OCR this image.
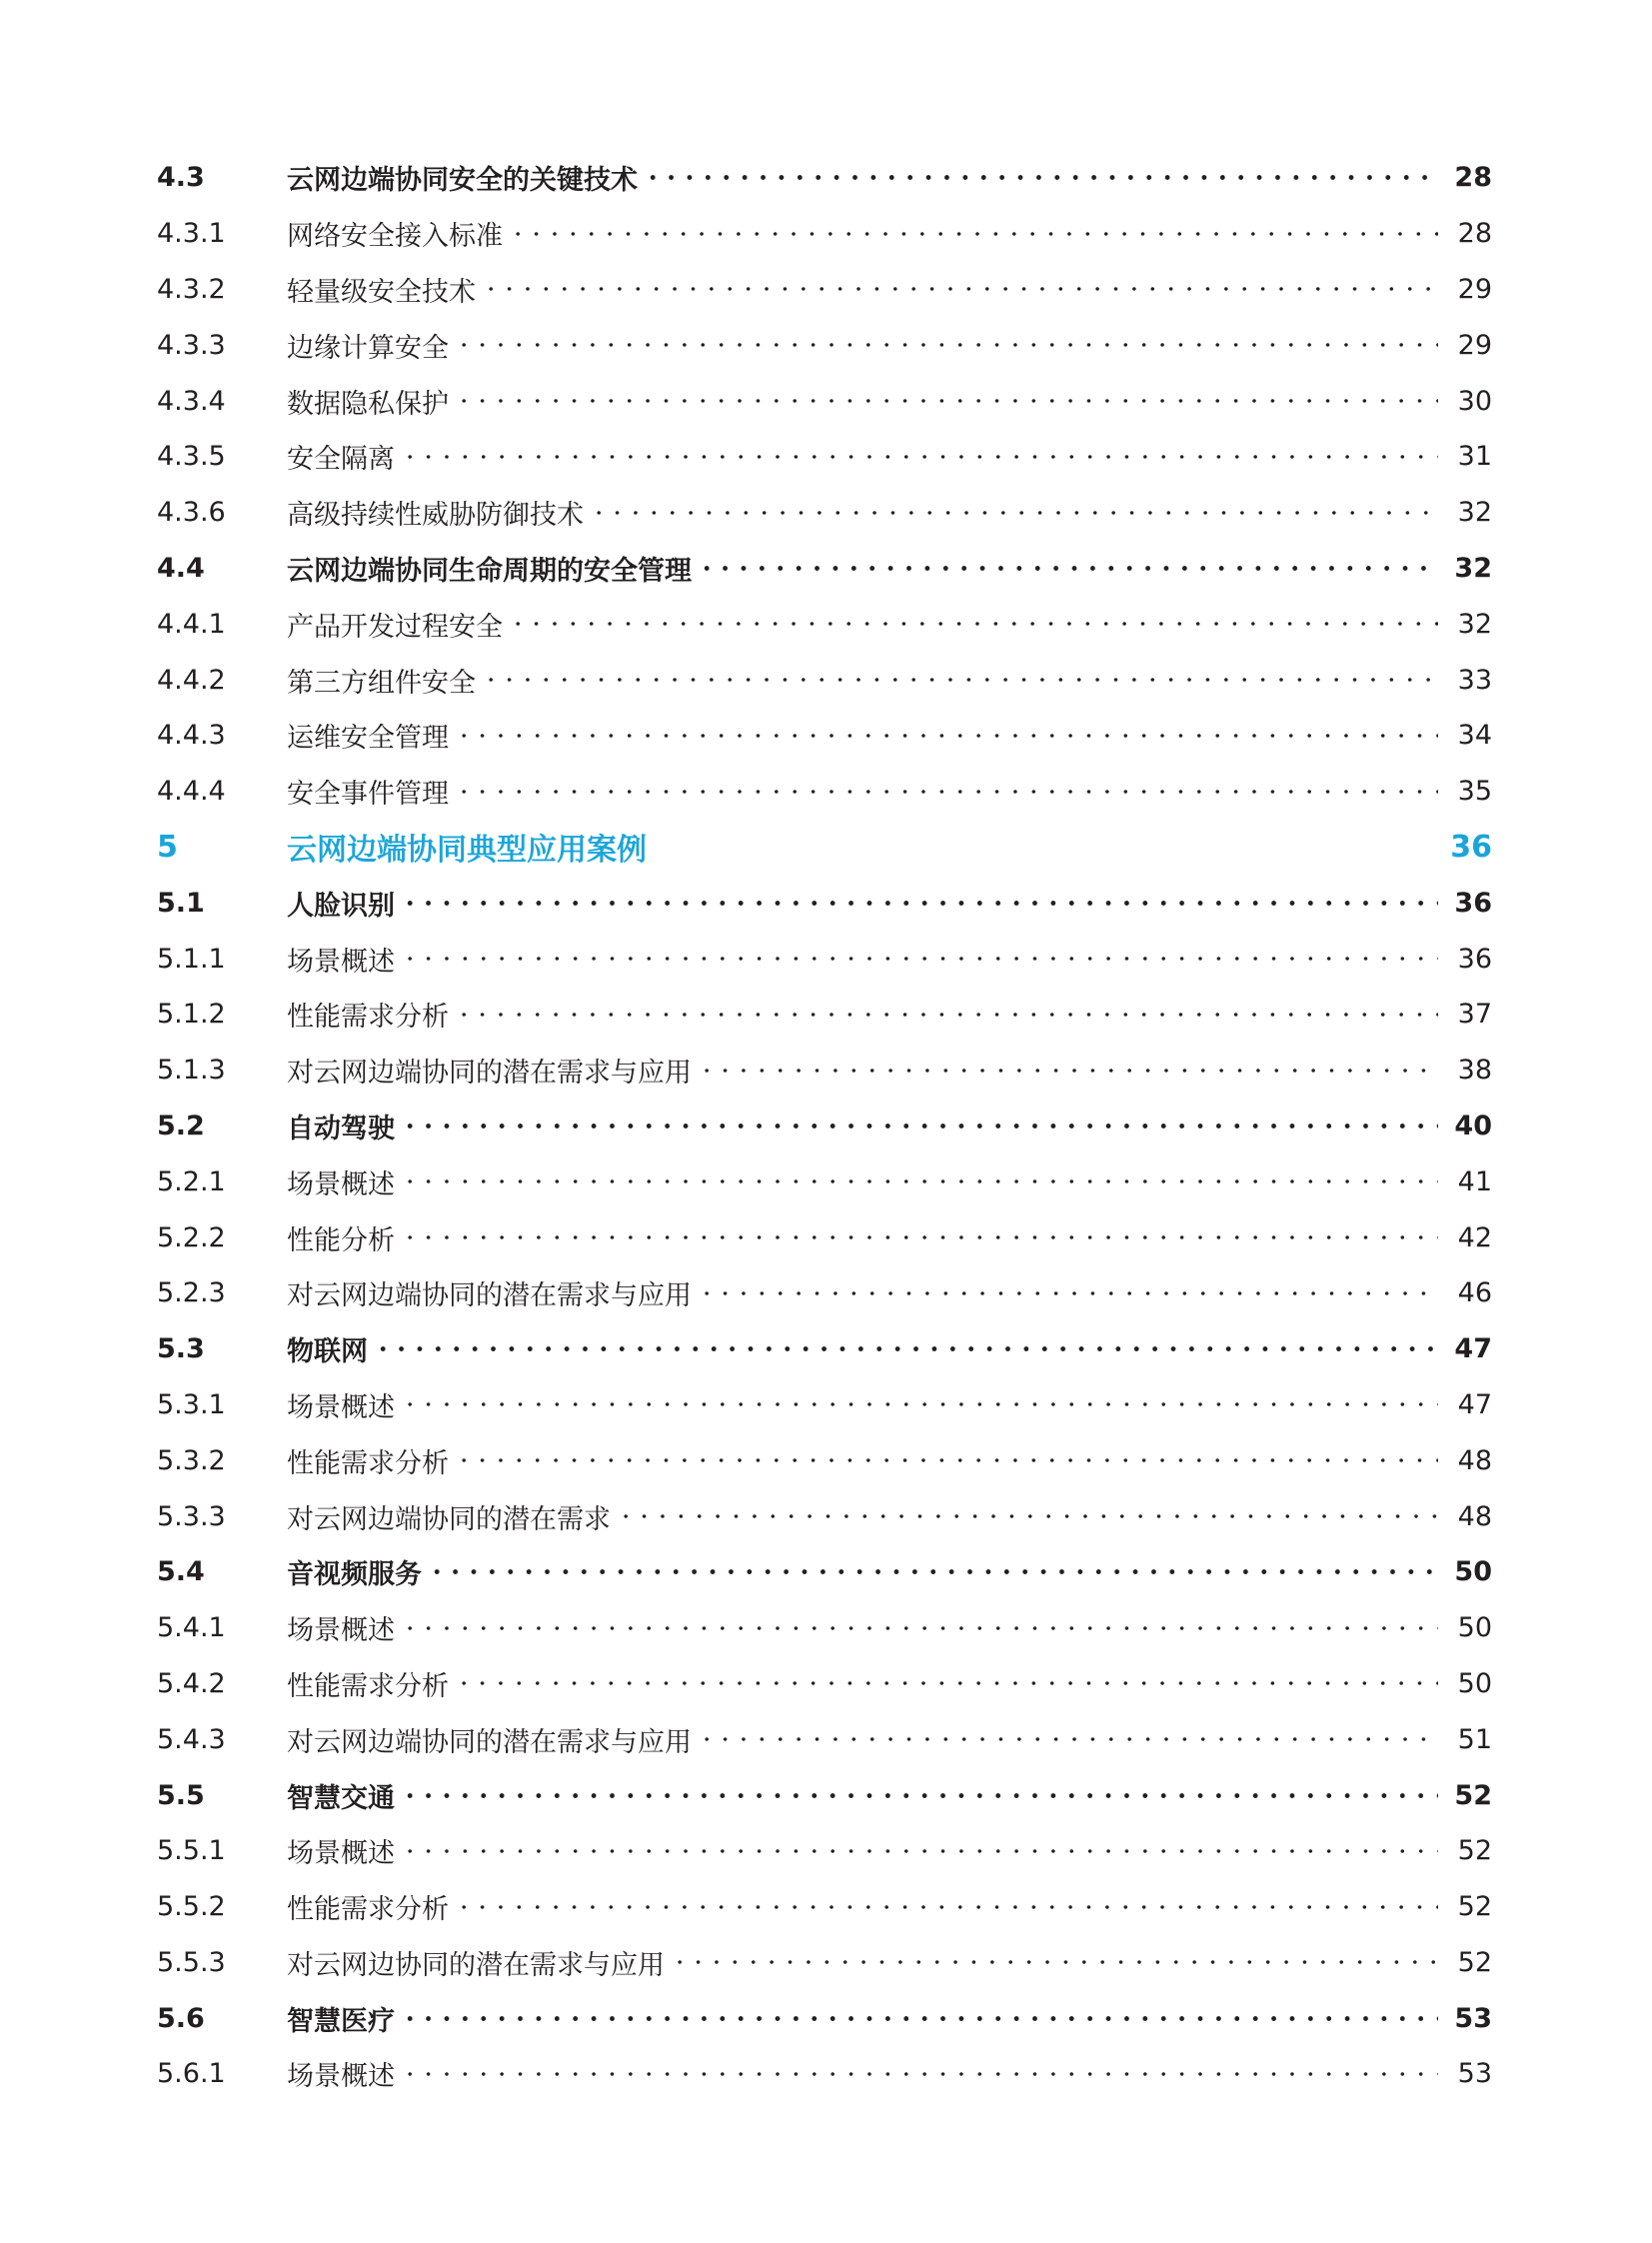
4.3	云网边端协同安全的关键技术	28
4.3.1	网络安全接入标准	28
4.3.2	轻量级安全技术	29
4.3.3	边缘计算安全	29
4.3.4	数据隐私保护	30
4.3.5	安全隔离	31
4.3.6	高级持续性威胁防御技术	32
4.4	云网边端协同生命周期的安全管理	32
4.4.1	产品开发过程安全	32
4.4.2	第三方组件安全	33
4.4.3	运维安全管理	34
4.4.4	安全事件管理	35
5	云网边端协同典型应用案例	36
5.1	人脸识别	36
5.1.1	场景概述	36
5.1.2	性能需求分析	37
5.1.3	对云网边端协同的潜在需求与应用	38
5.2	自动驾驶	40
5.2.1	场景概述	41
5.2.2	性能分析	42
5.2.3	对云网边端协同的潜在需求与应用	46
5.3	物联网	47
5.3.1	场景概述	47
5.3.2	性能需求分析	48
5.3.3	对云网边端协同的潜在需求	48
5.4	音视频服务	50
5.4.1	场景概述	50
5.4.2	性能需求分析	50
5.4.3	对云网边端协同的潜在需求与应用	51
5.5	智慧交通	52
5.5.1	场景概述	52
5.5.2	性能需求分析	52
5.5.3	对云网边协同的潜在需求与应用	52
5.6	智慧医疗	53
5.6.1	场景概述	53
